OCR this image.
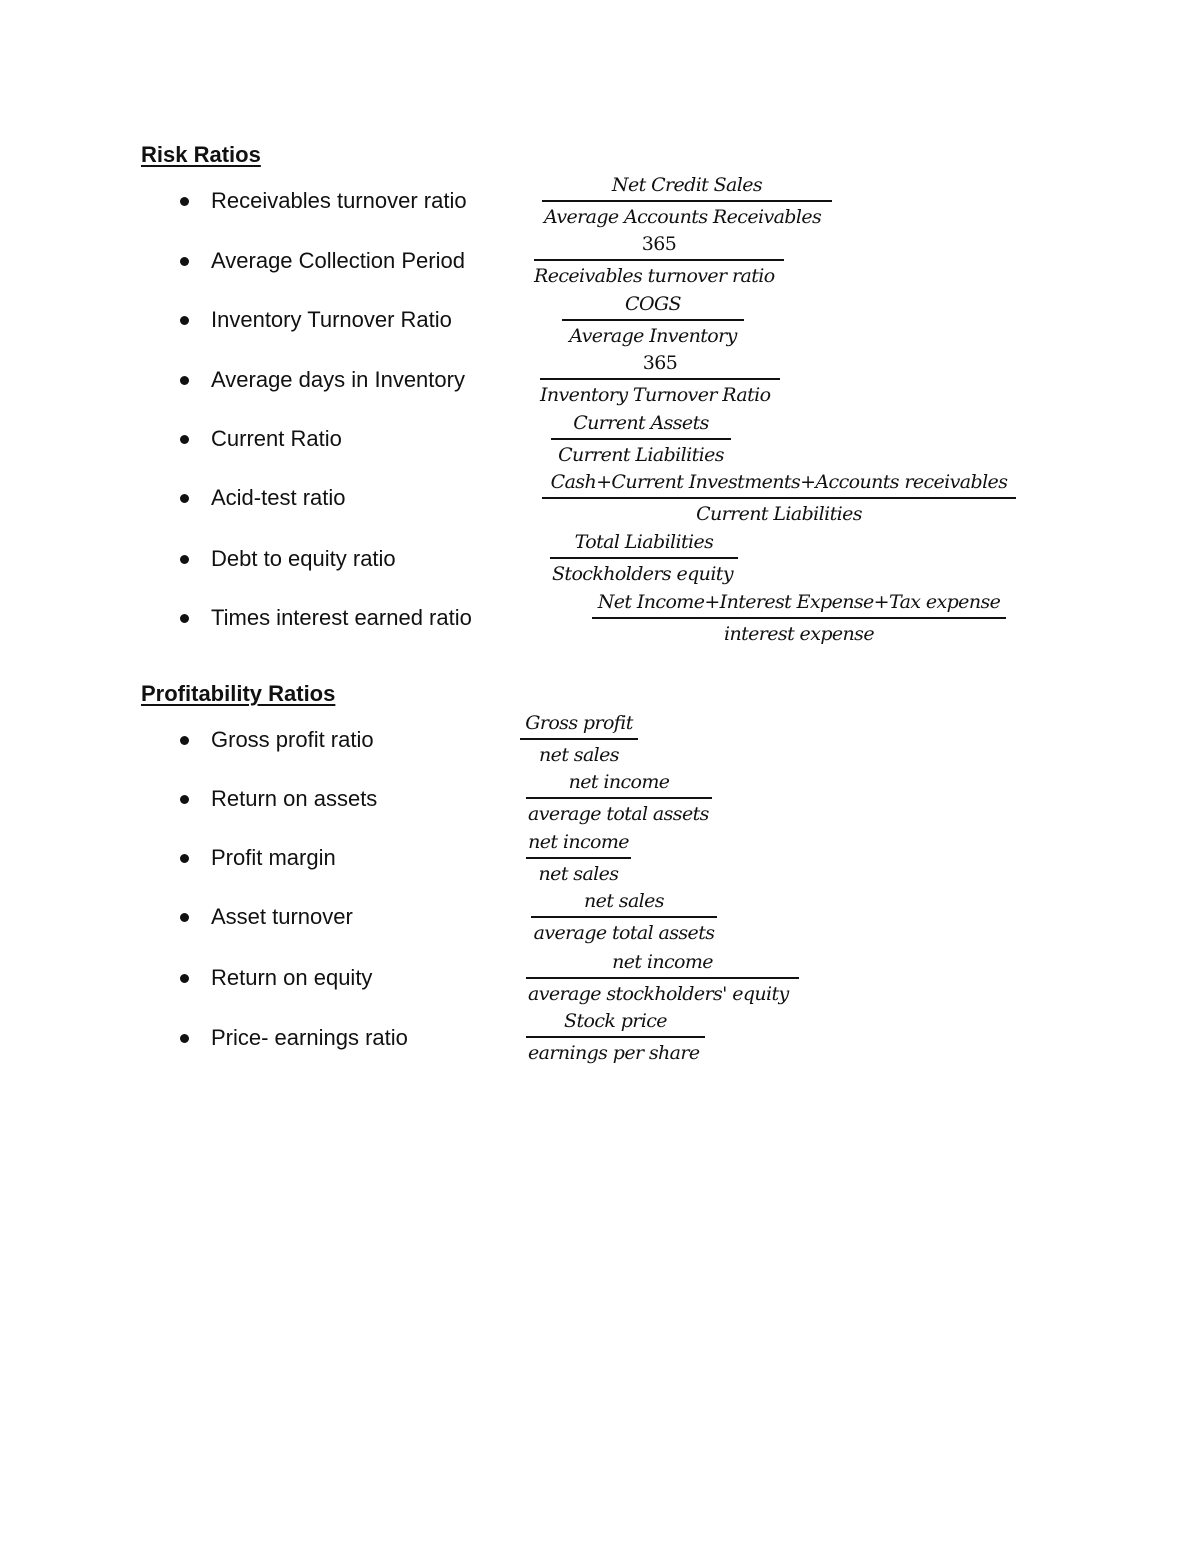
Risk Ratios
Receivables turnover ratio
Net Credit Sales
Average Accounts Receivables
Average Collection Period
365
Receivables turnover ratio
Inventory Turnover Ratio
COGS
Average Inventory
Average days in Inventory
365
Inventory Turnover Ratio
Current Ratio
Current Assets
Current Liabilities
Acid-test ratio
Cash+Current Investments+Accounts receivables
Current Liabilities
Debt to equity ratio
Total Liabilities
Stockholders equity
Times interest earned ratio
Net Income+Interest Expense+Tax expense
interest expense
Profitability Ratios
Gross profit ratio
Gross profit
net sales
Return on assets
net income
average total assets
Profit margin
net income
net sales
Asset turnover
net sales
average total assets
Return on equity
net income
average stockholders' equity
Price- earnings ratio
Stock price
earnings per share
